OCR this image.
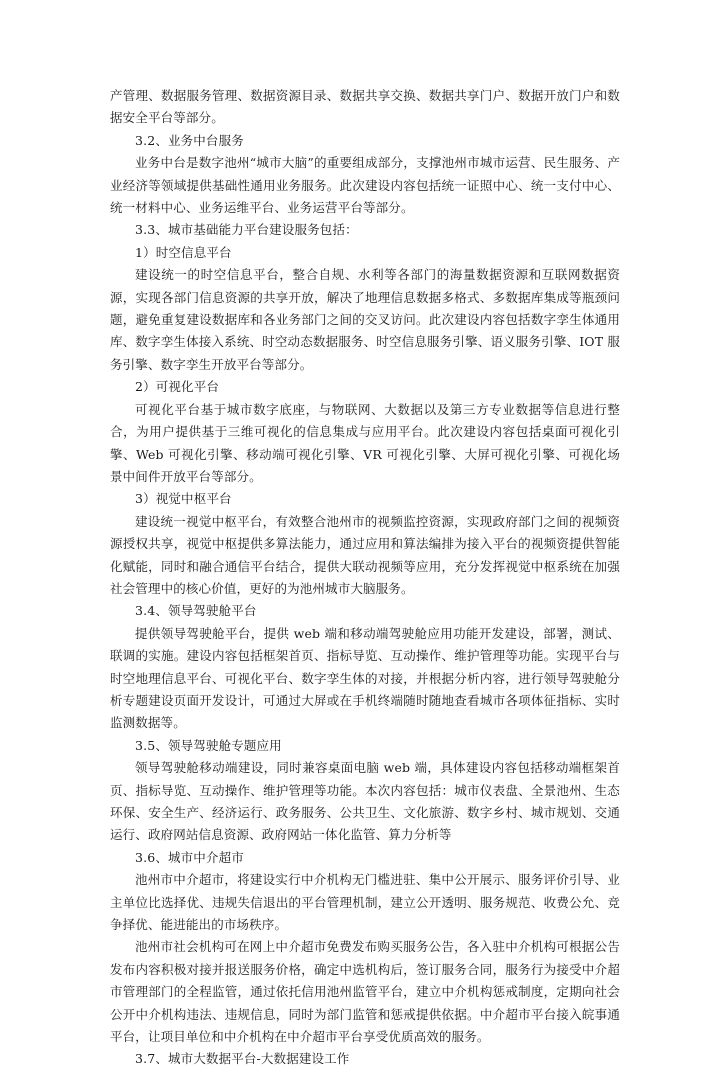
产管理、数据服务管理、数据资源目录、数据共享交换、数据共享门户、数据开放门户和数据安全平台等部分。

3.2、业务中台服务

业务中台是数字池州“城市大脑”的重要组成部分，支撑池州市城市运营、民生服务、产业经济等领域提供基础性通用业务服务。此次建设内容包括统一证照中心、统一支付中心、统一材料中心、业务运维平台、业务运营平台等部分。

3.3、城市基础能力平台建设服务包括：

1）时空信息平台

建设统一的时空信息平台，整合自规、水利等各部门的海量数据资源和互联网数据资源，实现各部门信息资源的共享开放，解决了地理信息数据多格式、多数据库集成等瓶颈问题，避免重复建设数据库和各业务部门之间的交叉访问。此次建设内容包括数字孪生体通用库、数字孪生体接入系统、时空动态数据服务、时空信息服务引擎、语义服务引擎、IOT 服务引擎、数字孪生开放平台等部分。

2）可视化平台

可视化平台基于城市数字底座，与物联网、大数据以及第三方专业数据等信息进行整合，为用户提供基于三维可视化的信息集成与应用平台。此次建设内容包括桌面可视化引擎、Web 可视化引擎、移动端可视化引擎、VR 可视化引擎、大屏可视化引擎、可视化场景中间件开放平台等部分。

3）视觉中枢平台

建设统一视觉中枢平台，有效整合池州市的视频监控资源，实现政府部门之间的视频资源授权共享，视觉中枢提供多算法能力，通过应用和算法编排为接入平台的视频资提供智能化赋能，同时和融合通信平台结合，提供大联动视频等应用，充分发挥视觉中枢系统在加强社会管理中的核心价值，更好的为池州城市大脑服务。

3.4、领导驾驶舱平台

提供领导驾驶舱平台，提供 web 端和移动端驾驶舱应用功能开发建设，部署，测试、联调的实施。建设内容包括框架首页、指标导览、互动操作、维护管理等功能。实现平台与时空地理信息平台、可视化平台、数字孪生体的对接，并根据分析内容，进行领导驾驶舱分析专题建设页面开发设计，可通过大屏或在手机终端随时随地查看城市各项体征指标、实时监测数据等。

3.5、领导驾驶舱专题应用

领导驾驶舱移动端建设，同时兼容桌面电脑 web 端，具体建设内容包括移动端框架首页、指标导览、互动操作、维护管理等功能。本次内容包括：城市仪表盘、全景池州、生态环保、安全生产、经济运行、政务服务、公共卫生、文化旅游、数字乡村、城市规划、交通运行、政府网站信息资源、政府网站一体化监管、算力分析等

3.6、城市中介超市

池州市中介超市，将建设实行中介机构无门槛进驻、集中公开展示、服务评价引导、业主单位比选择优、违规失信退出的平台管理机制，建立公开透明、服务规范、收费公允、竞争择优、能进能出的市场秩序。

池州市社会机构可在网上中介超市免费发布购买服务公告，各入驻中介机构可根据公告发布内容积极对接并报送服务价格，确定中选机构后，签订服务合同，服务行为接受中介超市管理部门的全程监管，通过依托信用池州监管平台，建立中介机构惩戒制度，定期向社会公开中介机构违法、违规信息，同时为部门监管和惩戒提供依据。中介超市平台接入皖事通平台，让项目单位和中介机构在中介超市平台享受优质高效的服务。

3.7、城市大数据平台-大数据建设工作
